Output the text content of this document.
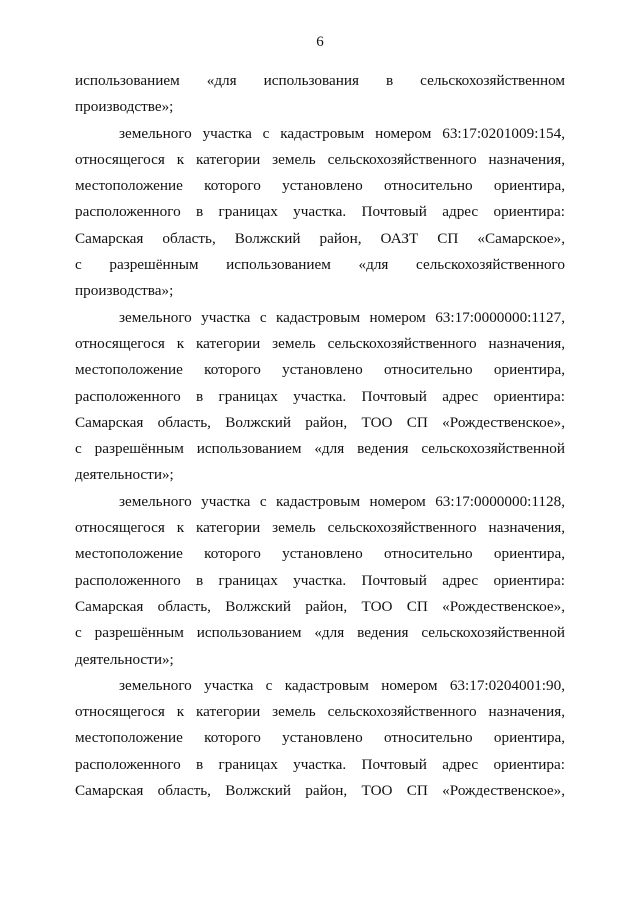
6
использованием «для использования в сельскохозяйственном
производстве»;
земельного участка с кадастровым номером 63:17:0201009:154,
относящегося к категории земель сельскохозяйственного назначения,
местоположение которого установлено относительно ориентира,
расположенного в границах участка. Почтовый адрес ориентира:
Самарская область, Волжский район, ОАЗТ СП «Самарское»,
с разрешённым использованием «для сельскохозяйственного
производства»;
земельного участка с кадастровым номером 63:17:0000000:1127,
относящегося к категории земель сельскохозяйственного назначения,
местоположение которого установлено относительно ориентира,
расположенного в границах участка. Почтовый адрес ориентира:
Самарская область, Волжский район, ТОО СП «Рождественское»,
с разрешённым использованием «для ведения сельскохозяйственной
деятельности»;
земельного участка с кадастровым номером 63:17:0000000:1128,
относящегося к категории земель сельскохозяйственного назначения,
местоположение которого установлено относительно ориентира,
расположенного в границах участка. Почтовый адрес ориентира:
Самарская область, Волжский район, ТОО СП «Рождественское»,
с разрешённым использованием «для ведения сельскохозяйственной
деятельности»;
земельного участка с кадастровым номером 63:17:0204001:90,
относящегося к категории земель сельскохозяйственного назначения,
местоположение которого установлено относительно ориентира,
расположенного в границах участка. Почтовый адрес ориентира:
Самарская область, Волжский район, ТОО СП «Рождественское»,
